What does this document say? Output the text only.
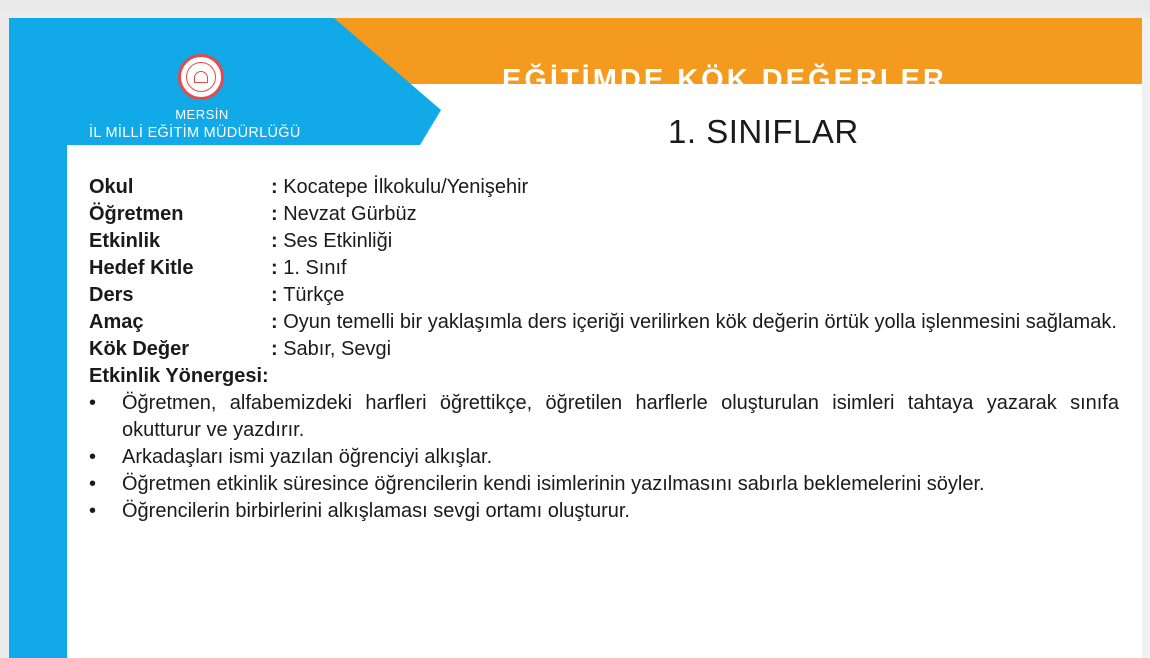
MERSİN
İL MİLLİ EĞİTİM MÜDÜRLÜĞÜ
EĞİTİMDE KÖK DEĞERLER
1. SINIFLAR
Okul	: Kocatepe İlkokulu/Yenişehir
Öğretmen	: Nevzat Gürbüz
Etkinlik	: Ses Etkinliği
Hedef Kitle	: 1. Sınıf
Ders	: Türkçe
Amaç	: Oyun temelli bir yaklaşımla ders içeriği verilirken kök değerin örtük yolla işlenmesini sağlamak.
Kök Değer	: Sabır, Sevgi
Etkinlik Yönergesi:
• Öğretmen, alfabemizdeki harfleri öğrettikçe, öğretilen harflerle oluşturulan isimleri tahtaya yazarak sınıfa okutturur ve yazdırır.
• Arkadaşları ismi yazılan öğrenciyi alkışlar.
• Öğretmen etkinlik süresince öğrencilerin kendi isimlerinin yazılmasını sabırla beklemelerini söyler.
• Öğrencilerin birbirlerini alkışlaması sevgi ortamı oluşturur.
